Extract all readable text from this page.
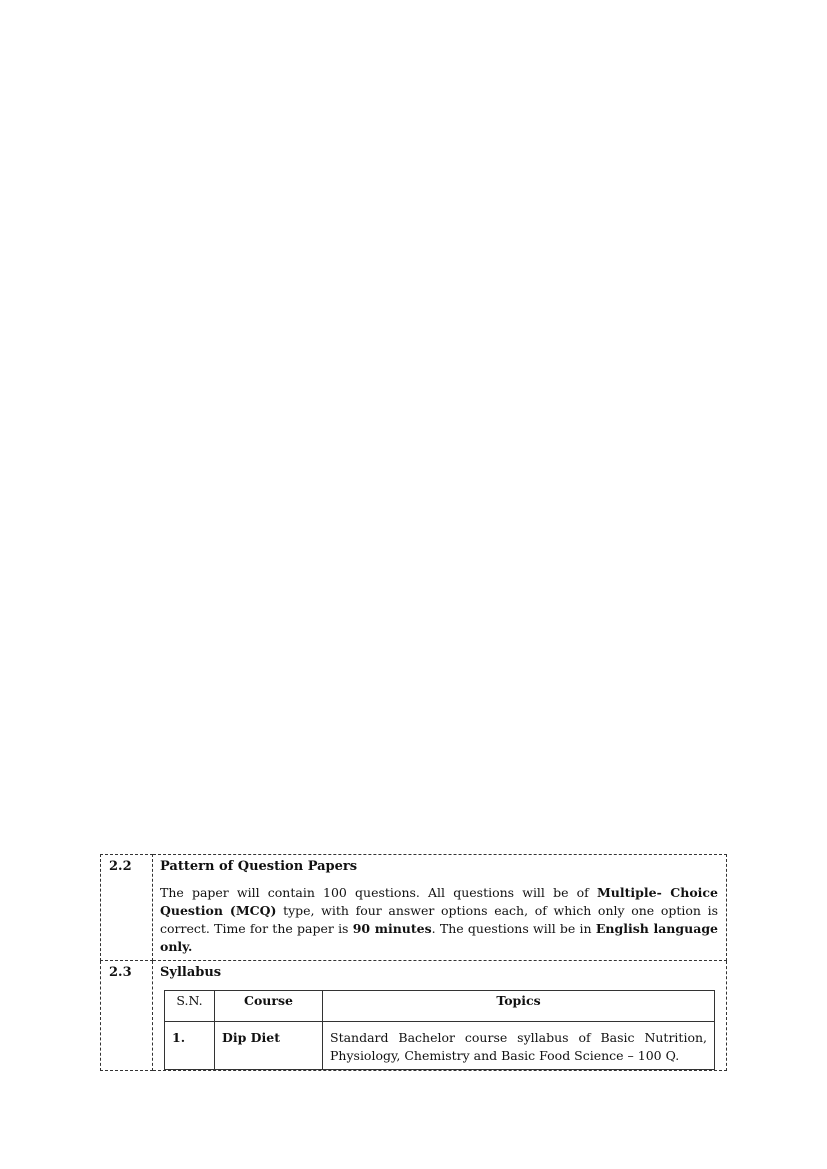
2.2	Pattern of Question Papers

The paper will contain 100 questions. All questions will be of Multiple- Choice Question (MCQ) type, with four answer options each, of which only one option is correct. Time for the paper is 90 minutes. The questions will be in English language only.

2.3	Syllabus

S.N.	Course	Topics
1.	Dip Diet	Standard Bachelor course syllabus of Basic Nutrition, Physiology, Chemistry and Basic Food Science – 100 Q.
